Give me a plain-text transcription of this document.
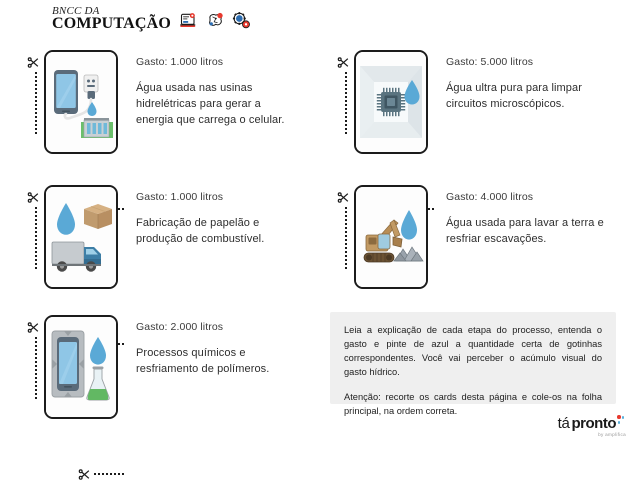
BNCC DA
COMPUTAÇÃO
Gasto: 1.000 litros
Água usada nas usinas hidrelétricas para gerar a energia que carrega o celular.
Gasto: 5.000 litros
Água ultra pura para limpar circuitos microscópicos.
Gasto: 1.000 litros
Fabricação de papelão e produção de combustível.
Gasto: 4.000 litros
Água usada para lavar a terra e resfriar escavações.
Gasto: 2.000 litros
Processos químicos e resfriamento de polímeros.

Leia a explicação de cada etapa do processo, entenda o gasto e pinte de azul a quantidade certa de gotinhas correspondentes. Você vai perceber o acúmulo visual do gasto hídrico.

Atenção: recorte os cards desta página e cole-os na folha principal, na ordem correta.

tá pronto
by amplifica
